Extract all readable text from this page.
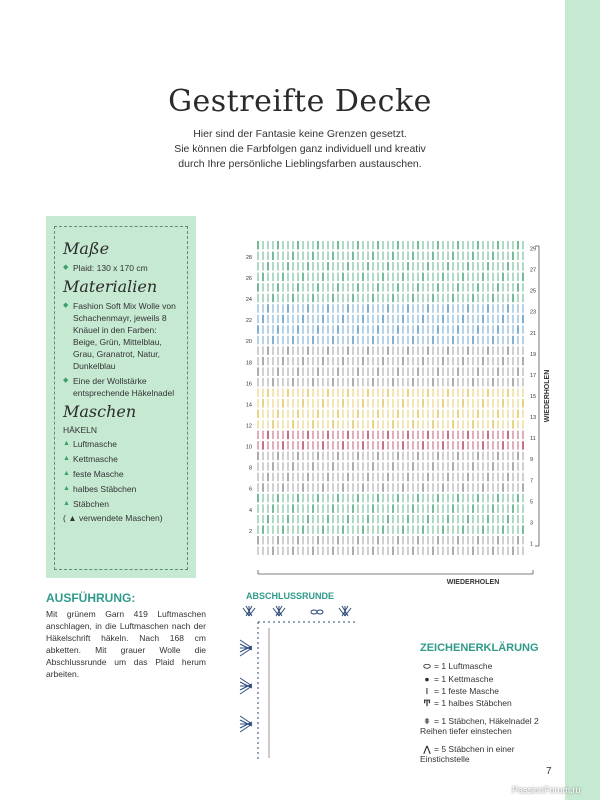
Gestreifte Decke
Hier sind der Fantasie keine Grenzen gesetzt.
Sie können die Farbfolgen ganz individuell und kreativ
durch Ihre persönliche Lieblingsfarben austauschen.
Maße
◆ Plaid: 130 x 170 cm
Materialien
◆ Fashion Soft Mix Wolle von Schachenmayr, jeweils 8 Knäuel in den Farben: Beige, Grün, Mittelblau, Grau, Granatrot, Natur, Dunkelblau
◆ Eine der Wollstärke entsprechende Häkelnadel
Maschen
HÄKELN
▲ Luftmasche
▲ Kettmasche
▲ feste Masche
▲ halbes Stäbchen
▲ Stäbchen
( ▲ verwendete Maschen)
AUSFÜHRUNG:
Mit grünem Garn 419 Luftmaschen anschlagen, in die Luftmaschen nach der Häkelschrift häkeln. Nach 168 cm abketten. Mit grauer Wolle die Abschlussrunde um das Plaid herum arbeiten.
28
26
24
22
20
18
16
14
12
10
8
6
4
2
29
27
25
23
21
19
17
15
13
11
9
7
5
3
1
WIEDERHOLEN
WIEDERHOLEN
ABSCHLUSSRUNDE
ZEICHENERKLÄRUNG
⬭ = 1 Luftmasche
● = 1 Kettmasche
ǀ = 1 feste Masche
Ͳ = 1 halbes Stäbchen
ǂ = 1 Stäbchen, Häkelnadel 2 Reihen tiefer einstechen
⋀ = 5 Stäbchen in einer Einstichstelle
7
PassionForum.ru
